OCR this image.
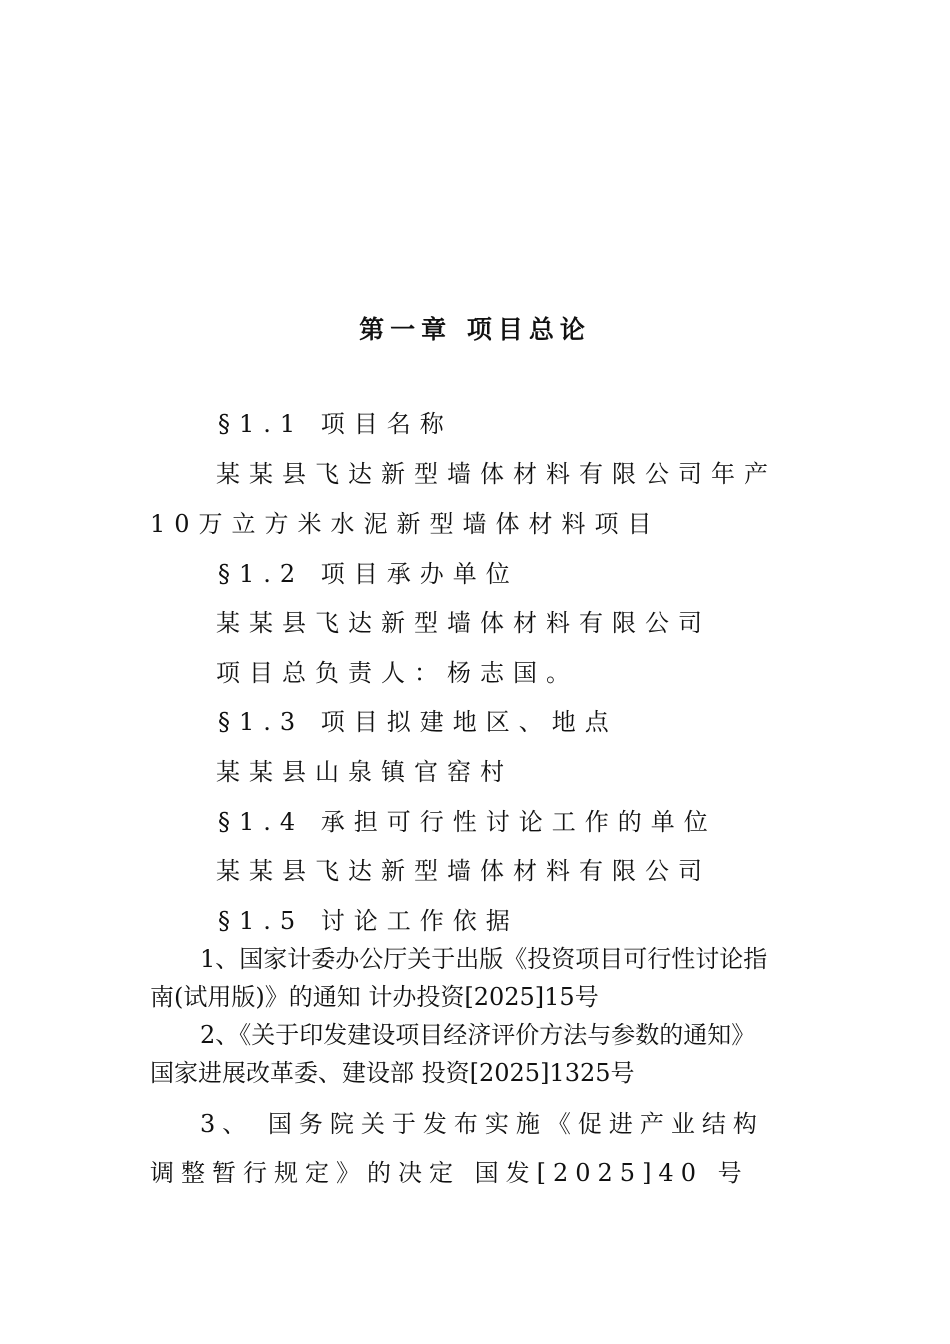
第一章 项目总论
§1.1 项目名称
某某县飞达新型墙体材料有限公司年产
10万立方米水泥新型墙体材料项目
§1.2 项目承办单位
某某县飞达新型墙体材料有限公司
项目总负责人：杨志国。
§1.3 项目拟建地区、地点
某某县山泉镇官窑村
§1.4 承担可行性讨论工作的单位
某某县飞达新型墙体材料有限公司
§1.5 讨论工作依据
1、国家计委办公厅关于出版《投资项目可行性讨论指
南(试用版)》的通知 计办投资[2025]15号
2、《关于印发建设项目经济评价方法与参数的通知》
国家进展改革委、建设部 投资[2025]1325号
3、 国务院关于发布实施《促进产业结构
调整暂行规定》的决定 国发[2025]40 号
